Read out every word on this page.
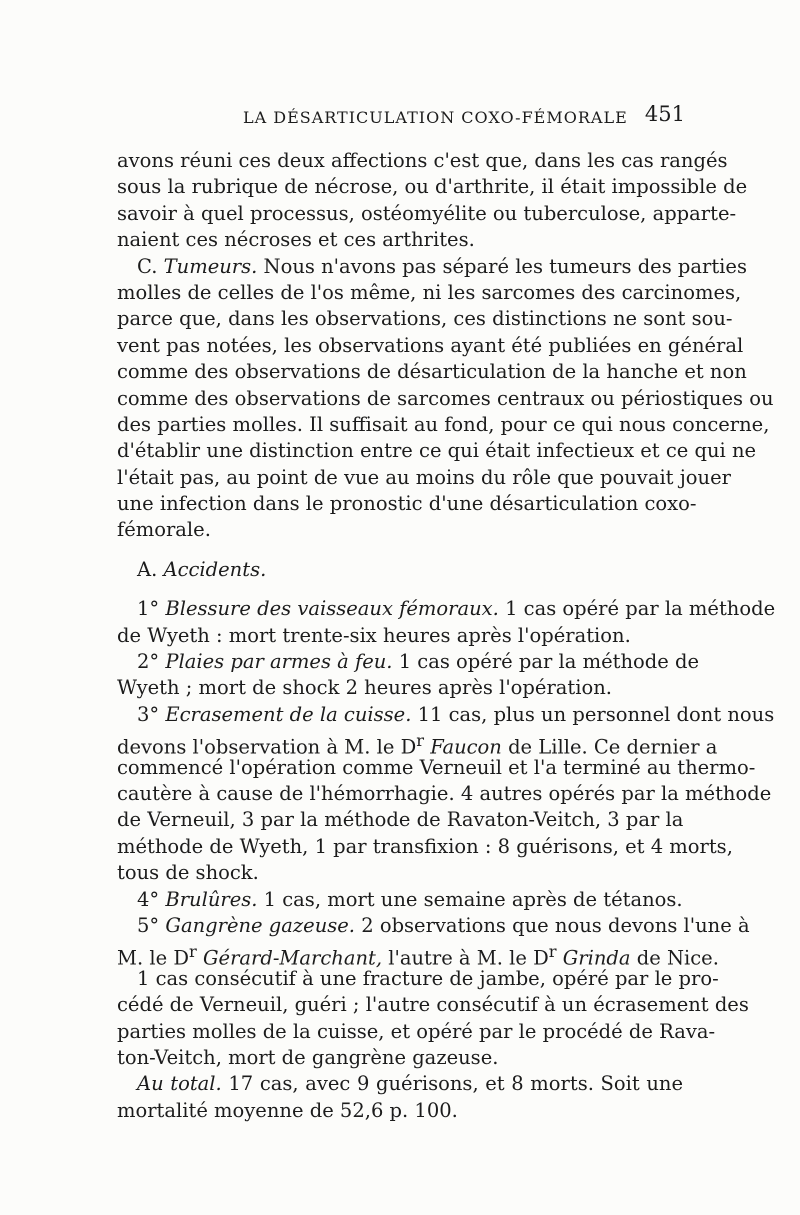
LA DÉSARTICULATION COXO-FÉMORALE 451
avons réuni ces deux affections c'est que, dans les cas rangés
sous la rubrique de nécrose, ou d'arthrite, il était impossible de
savoir à quel processus, ostéomyélite ou tuberculose, apparte-
naient ces nécroses et ces arthrites.
C. Tumeurs. Nous n'avons pas séparé les tumeurs des parties
molles de celles de l'os même, ni les sarcomes des carcinomes,
parce que, dans les observations, ces distinctions ne sont sou-
vent pas notées, les observations ayant été publiées en général
comme des observations de désarticulation de la hanche et non
comme des observations de sarcomes centraux ou périostiques ou
des parties molles. Il suffisait au fond, pour ce qui nous concerne,
d'établir une distinction entre ce qui était infectieux et ce qui ne
l'était pas, au point de vue au moins du rôle que pouvait jouer
une infection dans le pronostic d'une désarticulation coxo-
fémorale.
A. Accidents.
1° Blessure des vaisseaux fémoraux. 1 cas opéré par la méthode
de Wyeth : mort trente-six heures après l'opération.
2° Plaies par armes à feu. 1 cas opéré par la méthode de
Wyeth ; mort de shock 2 heures après l'opération.
3° Ecrasement de la cuisse. 11 cas, plus un personnel dont nous
devons l'observation à M. le $D^r$ Faucon de Lille. Ce dernier a
commencé l'opération comme Verneuil et l'a terminé au thermo-
cautère à cause de l'hémorrhagie. 4 autres opérés par la méthode
de Verneuil, 3 par la méthode de Ravaton-Veitch, 3 par la
méthode de Wyeth, 1 par transfixion : 8 guérisons, et 4 morts,
tous de shock.
4° Brulûres. 1 cas, mort une semaine après de tétanos.
5° Gangrène gazeuse. 2 observations que nous devons l'une à
M. le $D^r$ Gérard-Marchant, l'autre à M. le $D^r$ Grinda de Nice.
1 cas consécutif à une fracture de jambe, opéré par le pro-
cédé de Verneuil, guéri ; l'autre consécutif à un écrasement des
parties molles de la cuisse, et opéré par le procédé de Rava-
ton-Veitch, mort de gangrène gazeuse.
Au total. 17 cas, avec 9 guérisons, et 8 morts. Soit une
mortalité moyenne de 52,6 p. 100.
